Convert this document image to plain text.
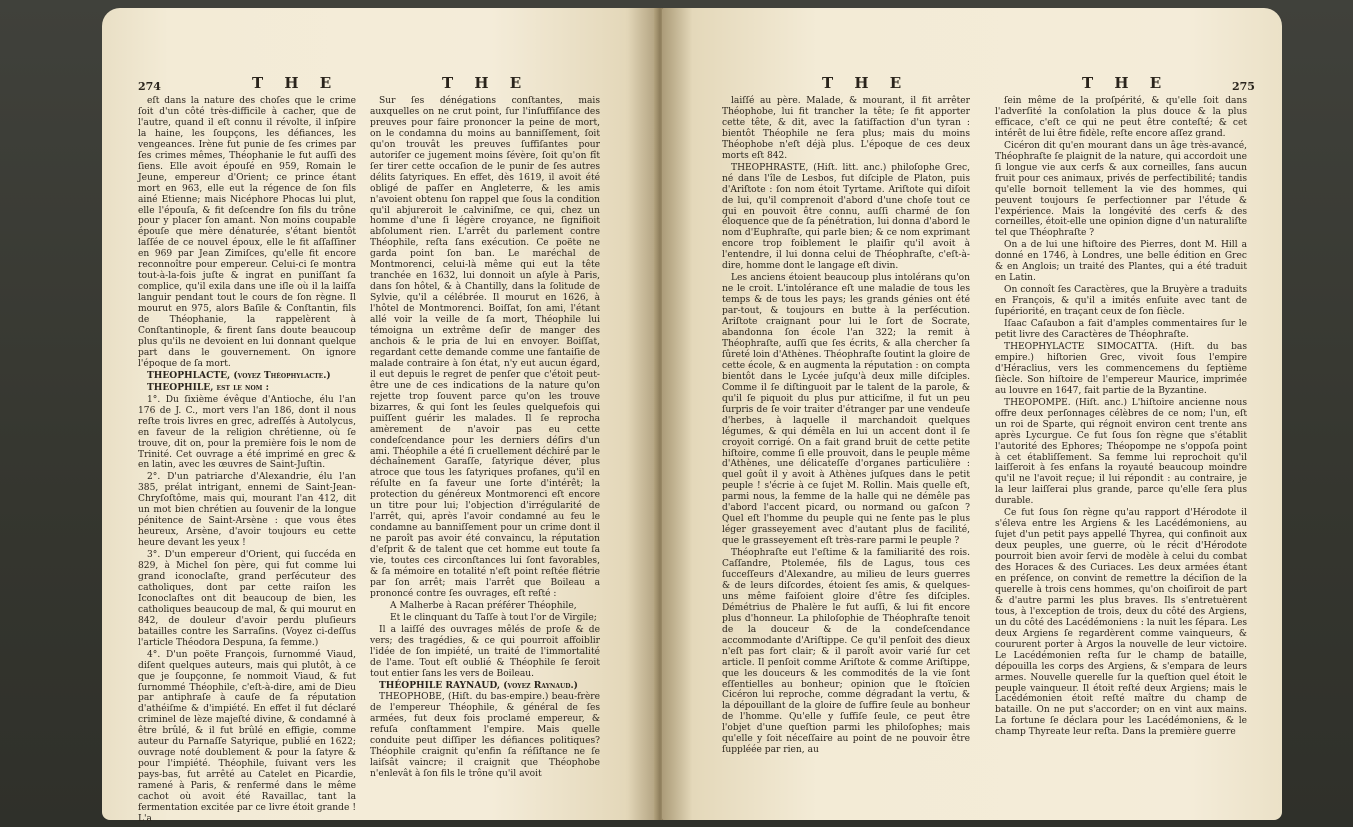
274	T H E	T H E

eſt dans la nature des choſes que le crime ſoit d'un côté très-difficile à cacher, que de l'autre, quand il eſt connu il révolte, il inſpire la haine, les ſoupçons, les défiances, les vengeances. Irène fut punie de ſes crimes par ſes crimes mêmes, Théophanie le fut auſſi des ſiens. Elle avoit épouſé en 959, Romain le Jeune, empereur d'Orient; ce prince étant mort en 963, elle eut la régence de ſon fils ainé Etienne; mais Nicéphore Phocas lui plut, elle l'épouſa, & fit deſcendre ſon fils du trône pour y placer ſon amant. Non moins coupable épouſe que mère dénaturée, s'étant bientôt laſſée de ce nouvel époux, elle le fit aſſaſſiner en 969 par Jean Zimiſces, qu'elle fit encore reconnoître pour empereur. Celui-ci ſe montra tout-à-la-fois juſte & ingrat en puniſſant ſa complice, qu'il exila dans une iſle où il la laiſſa languir pendant tout le cours de ſon règne. Il mourut en 975, alors Baſile & Conſtantin, fils de Théophanie, la rappelèrent à Conſtantinople, & firent ſans doute beaucoup plus qu'ils ne devoient en lui donnant quelque part dans le gouvernement. On ignore l'époque de ſa mort.

THEOPHLACTE, (voyez Théophylacte.)

THEOPHILE, eſt le nom :

1°. Du ſixième évêque d'Antioche, élu l'an 176 de J. C., mort vers l'an 186, dont il nous reſte trois livres en grec, adreſſés à Autolycus, en faveur de la religion chrétienne, où ſe trouve, dit on, pour la première fois le nom de Trinité. Cet ouvrage a été imprimé en grec & en latin, avec les œuvres de Saint-Juſtin.

2°. D'un patriarche d'Alexandrie, élu l'an 385, prélat intrigant, ennemi de Saint-Jean-Chryſoſtôme, mais qui, mourant l'an 412, dit un mot bien chrétien au ſouvenir de la longue pénitence de Saint-Arsène : que vous êtes heureux, Arsène, d'avoir toujours eu cette heure devant les yeux !

3°. D'un empereur d'Orient, qui ſuccéda en 829, à Michel ſon père, qui fut comme lui grand iconoclaſte, grand perſécuteur des catholiques, dont par cette raiſon les Iconoclaſtes ont dit beaucoup de bien, les catholiques beaucoup de mal, & qui mourut en 842, de douleur d'avoir perdu pluſieurs batailles contre les Sarraſins. (Voyez ci-deſſus l'article Théodora Despuna, ſa femme.)

4°. D'un poëte François, ſurnommé Viaud, diſent quelques auteurs, mais qui plutôt, à ce que je ſoupçonne, ſe nommoit Viaud, & fut ſurnommé Théophile, c'eſt-à-dire, ami de Dieu par antiphraſe à cauſe de ſa réputation d'athéiſme & d'impiété. En effet il fut déclaré criminel de lèze majeſté divine, & condamné à être brûlé, & il fut brûlé en effigie, comme auteur du Parnaſſe Satyrique, publié en 1622; ouvrage noté doublement & pour la ſatyre & pour l'impiété. Théophile, ſuivant vers les pays-bas, fut arrêté au Catelet en Picardie, ramené à Paris, & renfermé dans le même cachot où avoit été Ravaillac, tant la fermentation excitée par ce livre étoit grande ! L'a

Sur ſes dénégations conſtantes, mais auxquelles on ne crut point, ſur l'inſuffiſance des preuves pour faire prononcer la peine de mort, on le condamna du moins au banniſſement, ſoit qu'on trouvât les preuves ſuffiſantes pour autoriſer ce jugement moins ſévère, ſoit qu'on fît ſer tirer cette occaſion de le punir de ſes autres délits ſatyriques. En effet, dès 1619, il avoit été obligé de paſſer en Angleterre, & les amis n'avoient obtenu ſon rappel que ſous la condition qu'il abjureroit le calviniſme, ce qui, chez un homme d'une ſi légère croyance, ne ſignifioit abſolument rien. L'arrêt du parlement contre Théophile, reſta ſans exécution. Ce poëte ne garda point ſon ban. Le maréchal de Montmorenci, celui-là même qui eut la tête tranchée en 1632, lui donnoit un aſyle à Paris, dans ſon hôtel, & à Chantilly, dans la ſolitude de Sylvie, qu'il a célébrée. Il mourut en 1626, à l'hôtel de Montmorenci. Boiſſat, ſon ami, l'étant allé voir la veille de ſa mort, Théophile lui témoigna un extrême deſir de manger des anchois & le pria de lui en envoyer. Boiſſat, regardant cette demande comme une fantaiſie de malade contraire à ſon état, n'y eut aucun égard, il eut depuis le regret de penſer que c'étoit peut-être une de ces indications de la nature qu'on rejette trop ſouvent parce qu'on les trouve bizarres, & qui ſont les ſeules quelquefois qui puiſſent guérir les malades. Il ſe reprocha amèrement de n'avoir pas eu cette condeſcendance pour les derniers déſirs d'un ami. Théophile a été ſi cruellement déchiré par le déchaînement Garaſſe, ſatyrique déver, plus atroce que tous les ſatyriques profanes, qu'il en réſulte en ſa faveur une ſorte d'intérêt; la protection du généreux Montmorenci eſt encore un titre pour lui; l'objection d'irrégularité de l'arrêt, qui, après l'avoir condamné au feu le condamne au banniſſement pour un crime dont il ne paroît pas avoir été convaincu, la réputation d'eſprit & de talent que cet homme eut toute ſa vie, toutes ces circonſtances lui ſont favorables, & ſa mémoire en totalité n'eſt point reſtée flétrie par ſon arrêt; mais l'arrêt que Boileau a prononcé contre ſes ouvrages, eſt reſté :

A Malherbe à Racan préférer Théophile,

Et le clinquant du Taſſe à tout l'or de Virgile;

Il a laiſſé des ouvrages mêlés de proſe & de vers; des tragédies, & ce qui pourroit affoiblir l'idée de ſon impiété, un traité de l'immortalité de l'ame. Tout eſt oublié & Théophile ſe ſeroit tout entier ſans les vers de Boileau.

THÉOPHILE RAYNAUD, (voyez Raynaud.)

THEOPHOBE, (Hiſt. du bas-empire.) beau-frère de l'empereur Théophile, & général de ſes armées, fut deux fois proclamé empereur, & refuſa conſtamment l'empire. Mais quelle conduite peut diſſiper les défiances politiques? Théophile craignit qu'enfin ſa réſiſtance ne ſe laiſsât vaincre; il craignit que Théophobe n'enlevât à ſon fils le trône qu'il avoit

T H E	T H E	275

laiſſé au père. Malade, & mourant, il fit arrêter Théophobe, lui fit trancher la tête; ſe fit apporter cette tête, & dit, avec la ſatiſfaction d'un tyran : bientôt Théophile ne ſera plus; mais du moins Théophobe n'eſt déjà plus. L'époque de ces deux morts eſt 842.

THEOPHRASTE, (Hiſt. litt. anc.) philoſophe Grec, né dans l'île de Lesbos, fut diſciple de Platon, puis d'Ariſtote : ſon nom étoit Tyrtame. Ariſtote qui diſoit de lui, qu'il comprenoit d'abord d'une choſe tout ce qui en pouvoit être connu, auſſi charmé de ſon éloquence que de ſa pénétration, lui donna d'abord le nom d'Euphraſte, qui parle bien; & ce nom exprimant encore trop foiblement le plaiſir qu'il avoit à l'entendre, il lui donna celui de Théophraſte, c'eſt-à-dire, homme dont le langage eſt divin.

Les anciens étoient beaucoup plus intolérans qu'on ne le croit. L'intolérance eſt une maladie de tous les temps & de tous les pays; les grands génies ont été par-tout, & toujours en butte à la perſécution. Ariſtote craignant pour lui le ſort de Socrate, abandonna ſon école l'an 322; la remit à Théophraſte, auſſi que ſes écrits, & alla chercher ſa ſûreté loin d'Athènes. Théophraſte ſoutint la gloire de cette école, & en augmenta la réputation : on compta bientôt dans le Lycée juſqu'à deux mille diſciples. Comme il ſe diſtinguoit par le talent de la parole, & qu'il ſe piquoit du plus pur atticiſme, il fut un peu ſurpris de ſe voir traiter d'étranger par une vendeuſe d'herbes, à laquelle il marchandoit quelques légumes, & qui démêla en lui un accent dont il ſe croyoit corrigé. On a fait grand bruit de cette petite hiſtoire, comme ſi elle prouvoit, dans le peuple même d'Athènes, une délicateſſe d'organes particulière : quel goût il y avoit à Athènes juſques dans le petit peuple ! s'écrie à ce ſujet M. Rollin. Mais quelle eſt, parmi nous, la femme de la halle qui ne démêle pas d'abord l'accent picard, ou normand ou gaſcon ? Quel eſt l'homme du peuple qui ne ſente pas le plus léger grasseyement avec d'autant plus de facilité, que le grasseyement eſt très-rare parmi le peuple ?

Théophraſte eut l'eſtime & la familiarité des rois. Caſſandre, Ptolemée, fils de Lagus, tous ces ſucceſſeurs d'Alexandre, au milieu de leurs guerres & de leurs diſcordes, étoient ſes amis, & quelques-uns même faiſoient gloire d'être ſes diſciples. Démétrius de Phalère le fut auſſi, & lui fit encore plus d'honneur. La philoſophie de Théophraſte tenoit de la douceur & de la condeſcendance accommodante d'Ariſtippe. Ce qu'il penſoit des dieux n'eſt pas fort clair; & il paroît avoir varié ſur cet article. Il penſoit comme Ariſtote & comme Ariſtippe, que les douceurs & les commodités de la vie ſont eſſentielles au bonheur; opinion que le ſtoïcien Cicéron lui reproche, comme dégradant la vertu, & la dépouillant de la gloire de ſuffire ſeule au bonheur de l'homme. Qu'elle y ſuffiſe ſeule, ce peut être l'objet d'une queſtion parmi les philoſophes; mais qu'elle y ſoit néceſſaire au point de ne pouvoir être ſuppléée par rien, au

ſein même de la proſpérité, & qu'elle ſoit dans l'adverſité la conſolation la plus douce & la plus efficace, c'eſt ce qui ne peut être conteſté; & cet intérêt de lui être fidèle, reſte encore aſſez grand.

Cicéron dit qu'en mourant dans un âge très-avancé, Théophraſte ſe plaignit de la nature, qui accordoit une ſi longue vie aux cerfs & aux corneilles, ſans aucun fruit pour ces animaux, privés de perfectibilité; tandis qu'elle bornoit tellement la vie des hommes, qui peuvent toujours ſe perfectionner par l'étude & l'expérience. Mais la longévité des cerfs & des corneilles, étoit-elle une opinion digne d'un naturaliſte tel que Théophraſte ?

On a de lui une hiſtoire des Pierres, dont M. Hill a donné en 1746, à Londres, une belle édition en Grec & en Anglois; un traité des Plantes, qui a été traduit en Latin.

On connoît ſes Caractères, que la Bruyère a traduits en François, & qu'il a imités enſuite avec tant de ſupériorité, en traçant ceux de ſon ſiècle.

Iſaac Caſaubon a fait d'amples commentaires ſur le petit livre des Caractères de Théophraſte.

THEOPHYLACTE SIMOCATTA. (Hiſt. du bas empire.) hiſtorien Grec, vivoit ſous l'empire d'Héraclius, vers les commencemens du ſeptième ſiècle. Son hiſtoire de l'empereur Maurice, imprimée au louvre en 1647, fait partie de la Byzantine.

THEOPOMPE. (Hiſt. anc.) L'hiſtoire ancienne nous offre deux perſonnages célèbres de ce nom; l'un, eſt un roi de Sparte, qui régnoit environ cent trente ans après Lycurgue. Ce fut ſous ſon règne que s'établit l'autorité des Ephores; Théopompe ne s'oppoſa point à cet établiſſement. Sa femme lui reprochoit qu'il laiſſeroit à ſes enfans la royauté beaucoup moindre qu'il ne l'avoit reçue; il lui répondit : au contraire, je la leur laiſſerai plus grande, parce qu'elle ſera plus durable.

Ce fut ſous ſon règne qu'au rapport d'Hérodote il s'éleva entre les Argiens & les Lacédémoniens, au ſujet d'un petit pays appellé Thyrea, qui confinoit aux deux peuples, une guerre, où le récit d'Hérodote pourroit bien avoir ſervi de modèle à celui du combat des Horaces & des Curiaces. Les deux armées étant en préſence, on convint de remettre la déciſion de la querelle à trois cens hommes, qu'on choiſiroit de part & d'autre parmi les plus braves. Ils s'entretuèrent tous, à l'exception de trois, deux du côté des Argiens, un du côté des Lacédémoniens : la nuit les ſépara. Les deux Argiens ſe regardèrent comme vainqueurs, & coururent porter à Argos la nouvelle de leur victoire. Le Lacédémonien reſta ſur le champ de bataille, dépouilla les corps des Argiens, & s'empara de leurs armes. Nouvelle querelle ſur la queſtion quel étoit le peuple vainqueur. Il étoit reſté deux Argiens; mais le Lacédémonien étoit reſté maître du champ de bataille. On ne put s'accorder; on en vint aux mains. La fortune ſe déclara pour les Lacédémoniens, & le champ Thyreate leur reſta. Dans la première guerre
